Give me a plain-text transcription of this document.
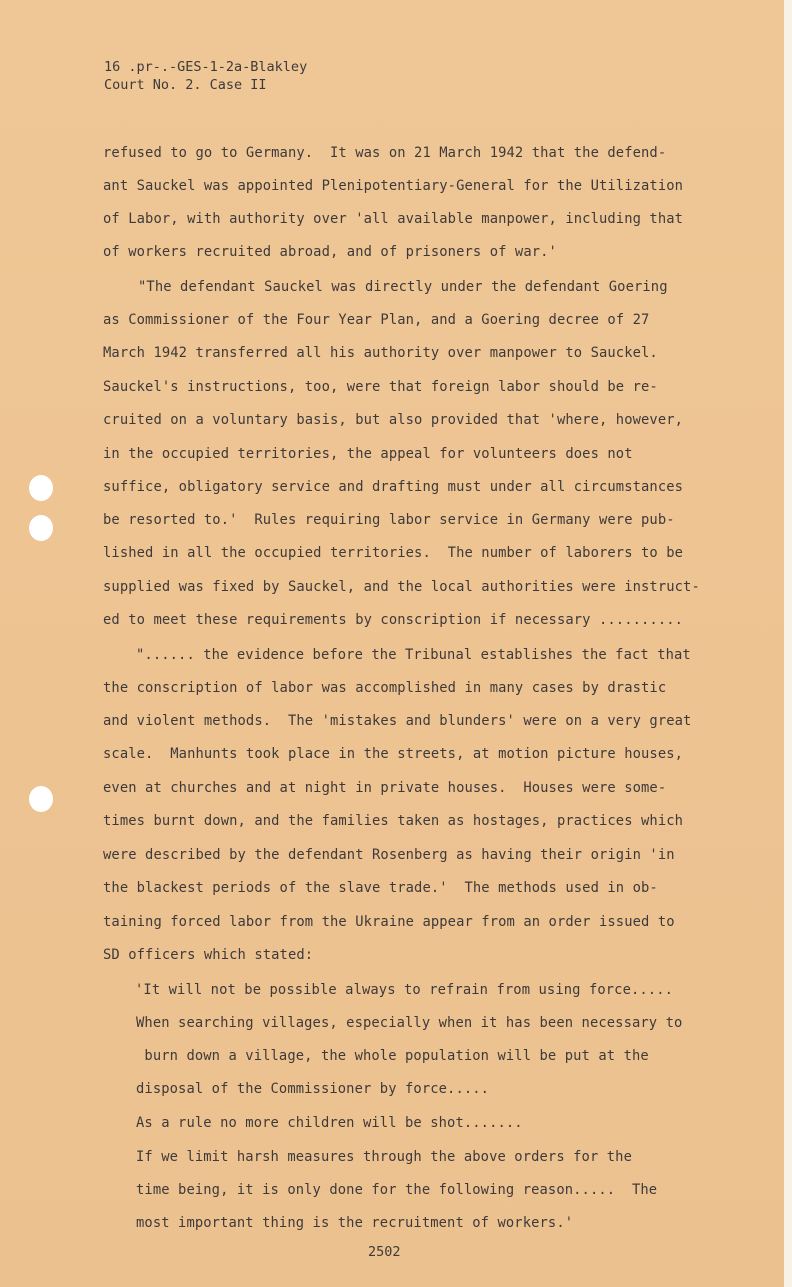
16 .pr-.-GES-1-2a-Blakley
Court No. 2. Case II
refused to go to Germany.  It was on 21 March 1942 that the defend-
ant Sauckel was appointed Plenipotentiary-General for the Utilization
of Labor, with authority over 'all available manpower, including that
of workers recruited abroad, and of prisoners of war.'
"The defendant Sauckel was directly under the defendant Goering
as Commissioner of the Four Year Plan, and a Goering decree of 27
March 1942 transferred all his authority over manpower to Sauckel.
Sauckel's instructions, too, were that foreign labor should be re-
cruited on a voluntary basis, but also provided that 'where, however,
in the occupied territories, the appeal for volunteers does not
suffice, obligatory service and drafting must under all circumstances
be resorted to.'  Rules requiring labor service in Germany were pub-
lished in all the occupied territories.  The number of laborers to be
supplied was fixed by Sauckel, and the local authorities were instruct-
ed to meet these requirements by conscription if necessary ..........
"...... the evidence before the Tribunal establishes the fact that
the conscription of labor was accomplished in many cases by drastic
and violent methods.  The 'mistakes and blunders' were on a very great
scale.  Manhunts took place in the streets, at motion picture houses,
even at churches and at night in private houses.  Houses were some-
times burnt down, and the families taken as hostages, practices which
were described by the defendant Rosenberg as having their origin 'in
the blackest periods of the slave trade.'  The methods used in ob-
taining forced labor from the Ukraine appear from an order issued to
SD officers which stated:
'It will not be possible always to refrain from using force.....
When searching villages, especially when it has been necessary to
burn down a village, the whole population will be put at the
disposal of the Commissioner by force.....
As a rule no more children will be shot.......
If we limit harsh measures through the above orders for the
time being, it is only done for the following reason.....  The
most important thing is the recruitment of workers.'
2502
